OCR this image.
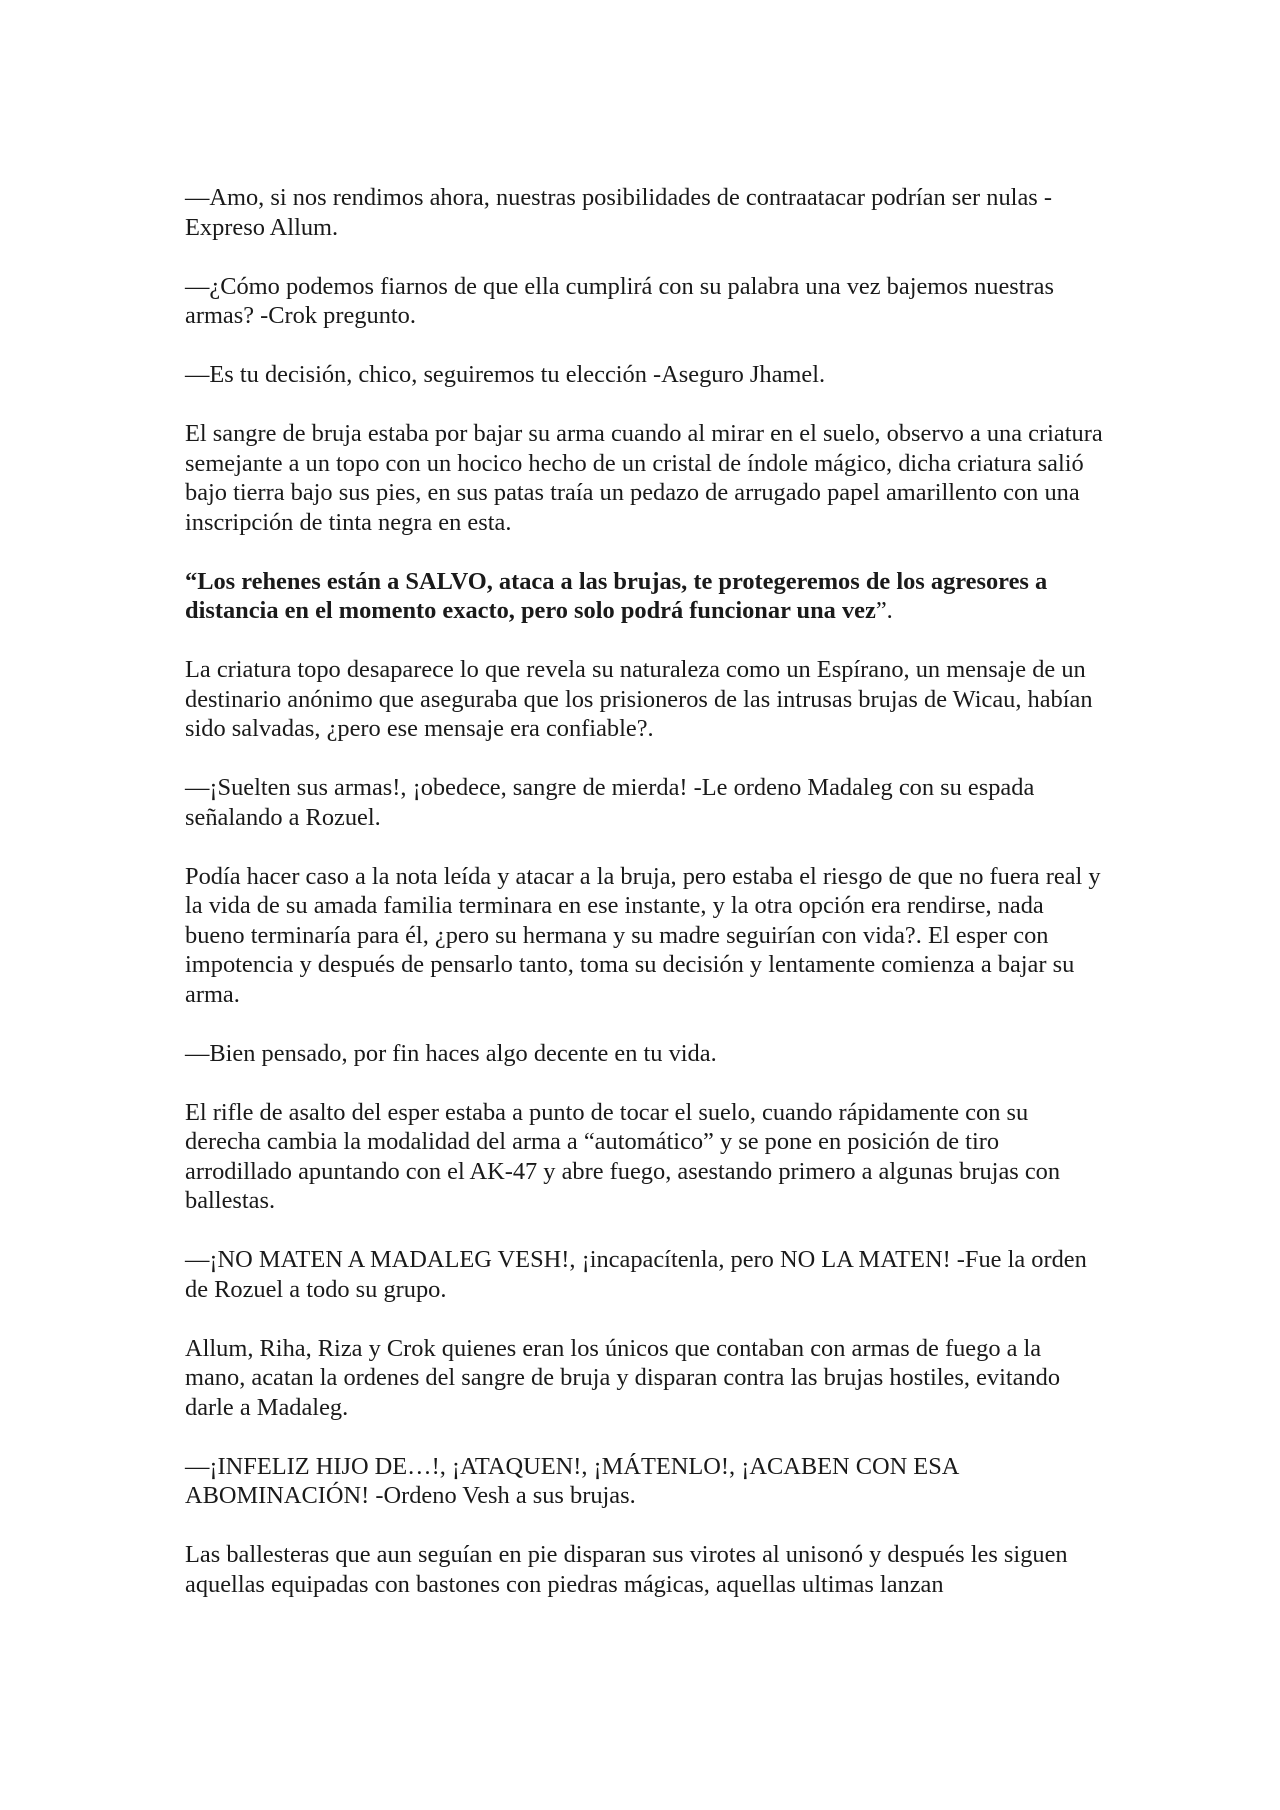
—Amo, si nos rendimos ahora, nuestras posibilidades de contraatacar podrían ser nulas -Expreso Allum.

—¿Cómo podemos fiarnos de que ella cumplirá con su palabra una vez bajemos nuestras armas? -Crok pregunto.

—Es tu decisión, chico, seguiremos tu elección -Aseguro Jhamel.

El sangre de bruja estaba por bajar su arma cuando al mirar en el suelo, observo a una criatura semejante a un topo con un hocico hecho de un cristal de índole mágico, dicha criatura salió bajo tierra bajo sus pies, en sus patas traía un pedazo de arrugado papel amarillento con una inscripción de tinta negra en esta.

“Los rehenes están a SALVO, ataca a las brujas, te protegeremos de los agresores a distancia en el momento exacto, pero solo podrá funcionar una vez”.

La criatura topo desaparece lo que revela su naturaleza como un Espírano, un mensaje de un destinario anónimo que aseguraba que los prisioneros de las intrusas brujas de Wicau, habían sido salvadas, ¿pero ese mensaje era confiable?.

—¡Suelten sus armas!, ¡obedece, sangre de mierda! -Le ordeno Madaleg con su espada señalando a Rozuel.

Podía hacer caso a la nota leída y atacar a la bruja, pero estaba el riesgo de que no fuera real y la vida de su amada familia terminara en ese instante, y la otra opción era rendirse, nada bueno terminaría para él, ¿pero su hermana y su madre seguirían con vida?. El esper con impotencia y después de pensarlo tanto, toma su decisión y lentamente comienza a bajar su arma.

—Bien pensado, por fin haces algo decente en tu vida.

El rifle de asalto del esper estaba a punto de tocar el suelo, cuando rápidamente con su derecha cambia la modalidad del arma a “automático” y se pone en posición de tiro arrodillado apuntando con el AK-47 y abre fuego, asestando primero a algunas brujas con ballestas.

—¡NO MATEN A MADALEG VESH!, ¡incapacítenla, pero NO LA MATEN! -Fue la orden de Rozuel a todo su grupo.

Allum, Riha, Riza y Crok quienes eran los únicos que contaban con armas de fuego a la mano, acatan la ordenes del sangre de bruja y disparan contra las brujas hostiles, evitando darle a Madaleg.

—¡INFELIZ HIJO DE…!, ¡ATAQUEN!, ¡MÁTENLO!, ¡ACABEN CON ESA ABOMINACIÓN! -Ordeno Vesh a sus brujas.

Las ballesteras que aun seguían en pie disparan sus virotes al unisonó y después les siguen aquellas equipadas con bastones con piedras mágicas, aquellas ultimas lanzan
